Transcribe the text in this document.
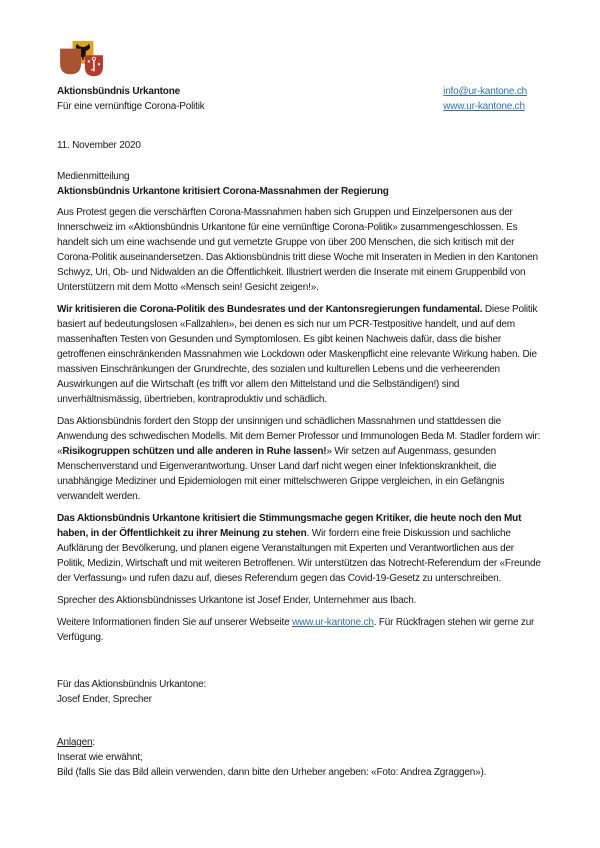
Aktionsbündnis Urkantone
Für eine vernünftige Corona-Politik
info@ur-kantone.ch
www.ur-kantone.ch
11. November 2020
Medienmitteilung
Aktionsbündnis Urkantone kritisiert Corona-Massnahmen der Regierung

Aus Protest gegen die verschärften Corona-Massnahmen haben sich Gruppen und Einzelpersonen aus der Innerschweiz im «Aktionsbündnis Urkantone für eine vernünftige Corona-Politik» zusammengeschlossen. Es handelt sich um eine wachsende und gut vernetzte Gruppe von über 200 Menschen, die sich kritisch mit der Corona-Politik auseinandersetzen. Das Aktionsbündnis tritt diese Woche mit Inseraten in Medien in den Kantonen Schwyz, Uri, Ob- und Nidwalden an die Öffentlichkeit. Illustriert werden die Inserate mit einem Gruppenbild von Unterstützern mit dem Motto «Mensch sein! Gesicht zeigen!».

Wir kritisieren die Corona-Politik des Bundesrates und der Kantonsregierungen fundamental. Diese Politik basiert auf bedeutungslosen «Fallzahlen», bei denen es sich nur um PCR-Testpositive handelt, und auf dem massenhaften Testen von Gesunden und Symptomlosen. Es gibt keinen Nachweis dafür, dass die bisher getroffenen einschränkenden Massnahmen wie Lockdown oder Maskenpflicht eine relevante Wirkung haben. Die massiven Einschränkungen der Grundrechte, des sozialen und kulturellen Lebens und die verheerenden Auswirkungen auf die Wirtschaft (es trifft vor allem den Mittelstand und die Selbständigen!) sind unverhältnismässig, übertrieben, kontraproduktiv und schädlich.

Das Aktionsbündnis fordert den Stopp der unsinnigen und schädlichen Massnahmen und stattdessen die Anwendung des schwedischen Modells. Mit dem Berner Professor und Immunologen Beda M. Stadler fordern wir: «Risikogruppen schützen und alle anderen in Ruhe lassen!» Wir setzen auf Augenmass, gesunden Menschenverstand und Eigenverantwortung. Unser Land darf nicht wegen einer Infektionskrankheit, die unabhängige Mediziner und Epidemiologen mit einer mittelschweren Grippe vergleichen, in ein Gefängnis verwandelt werden.

Das Aktionsbündnis Urkantone kritisiert die Stimmungsmache gegen Kritiker, die heute noch den Mut haben, in der Öffentlichkeit zu ihrer Meinung zu stehen. Wir fordern eine freie Diskussion und sachliche Aufklärung der Bevölkerung, und planen eigene Veranstaltungen mit Experten und Verantwortlichen aus der Politik, Medizin, Wirtschaft und mit weiteren Betroffenen. Wir unterstützen das Notrecht-Referendum der «Freunde der Verfassung» und rufen dazu auf, dieses Referendum gegen das Covid-19-Gesetz zu unterschreiben.

Sprecher des Aktionsbündnisses Urkantone ist Josef Ender, Unternehmer aus Ibach.

Weitere Informationen finden Sie auf unserer Webseite www.ur-kantone.ch. Für Rückfragen stehen wir gerne zur Verfügung.

Für das Aktionsbündnis Urkantone:
Josef Ender, Sprecher
Anlagen:
Inserat wie erwähnt;
Bild (falls Sie das Bild allein verwenden, dann bitte den Urheber angeben: «Foto: Andrea Zgraggen»).
